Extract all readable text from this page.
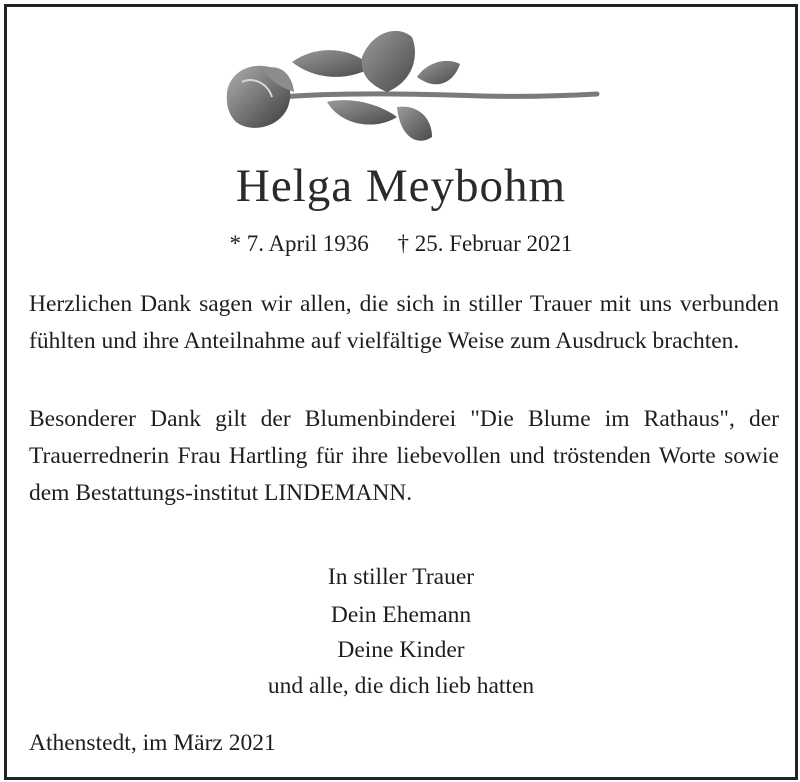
Helga Meybohm
* 7. April 1936     † 25. Februar 2021
Herzlichen Dank sagen wir allen, die sich in stiller Trauer mit uns verbunden fühlten und ihre Anteilnahme auf vielfältige Weise zum Ausdruck brachten.
Besonderer Dank gilt der Blumenbinderei "Die Blume im Rathaus", der Trauerrednerin Frau Hartling für ihre liebevollen und tröstenden Worte sowie dem Bestattungs-institut LINDEMANN.
In stiller Trauer
Dein Ehemann
Deine Kinder
und alle, die dich lieb hatten
Athenstedt, im März 2021
